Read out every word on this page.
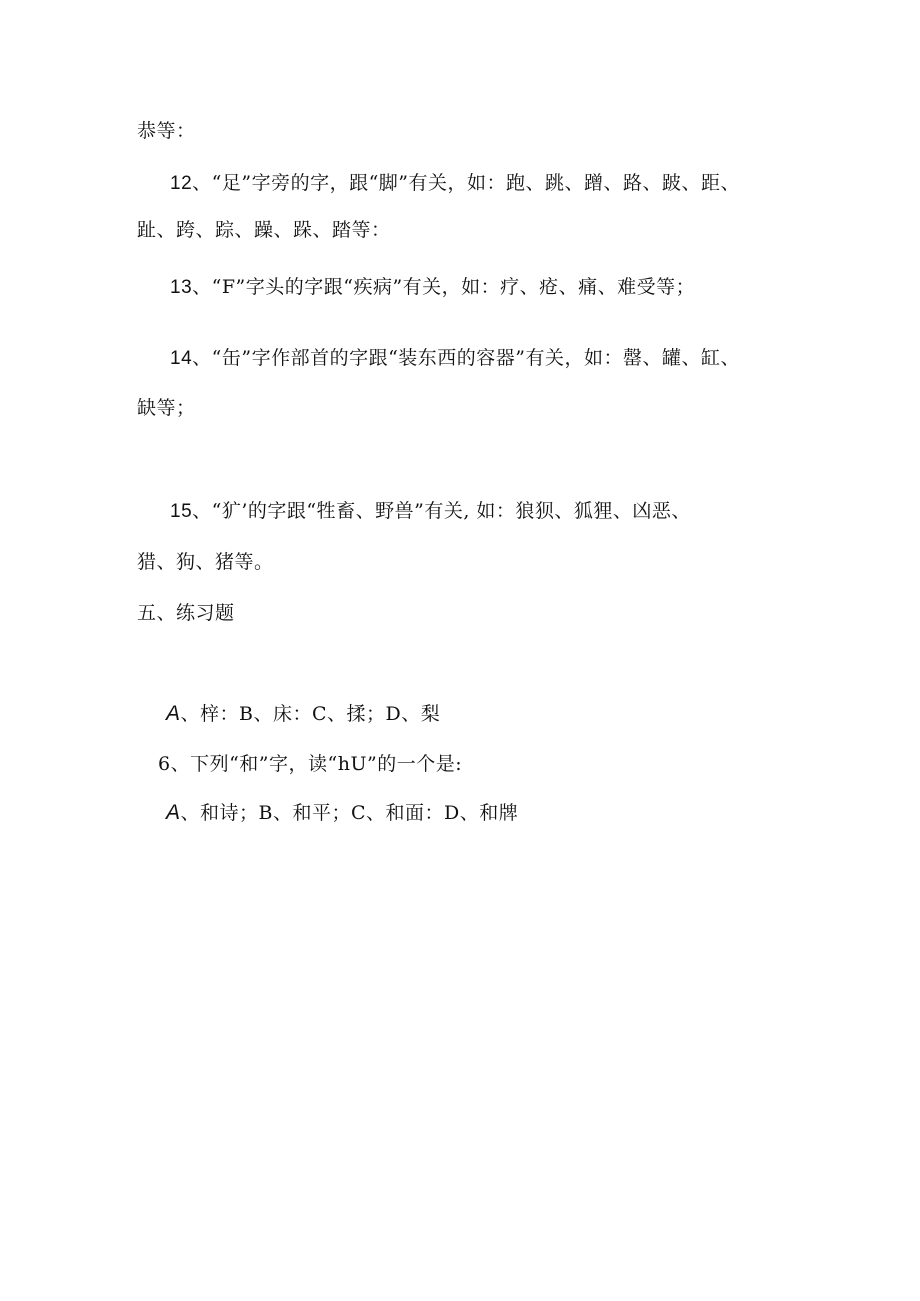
恭等：
12、“足”字旁的字，跟“脚”有关，如：跑、跳、蹭、路、跛、距、
趾、跨、踪、躁、跺、踏等：
13、“F”字头的字跟“疾病”有关，如：疗、疮、痛、难受等；
14、“缶”字作部首的字跟“装东西的容器”有关，如：罄、罐、缸、
缺等；
15、“犷’的字跟“牲畜、野兽”有关, 如：狼狈、狐狸、凶恶、
猎、狗、猪等。
五、练习题
A、梓：B、床：C、揉；D、梨
6、下列“和”字，读“hU”的一个是:
A、和诗；B、和平；C、和面：D、和牌
